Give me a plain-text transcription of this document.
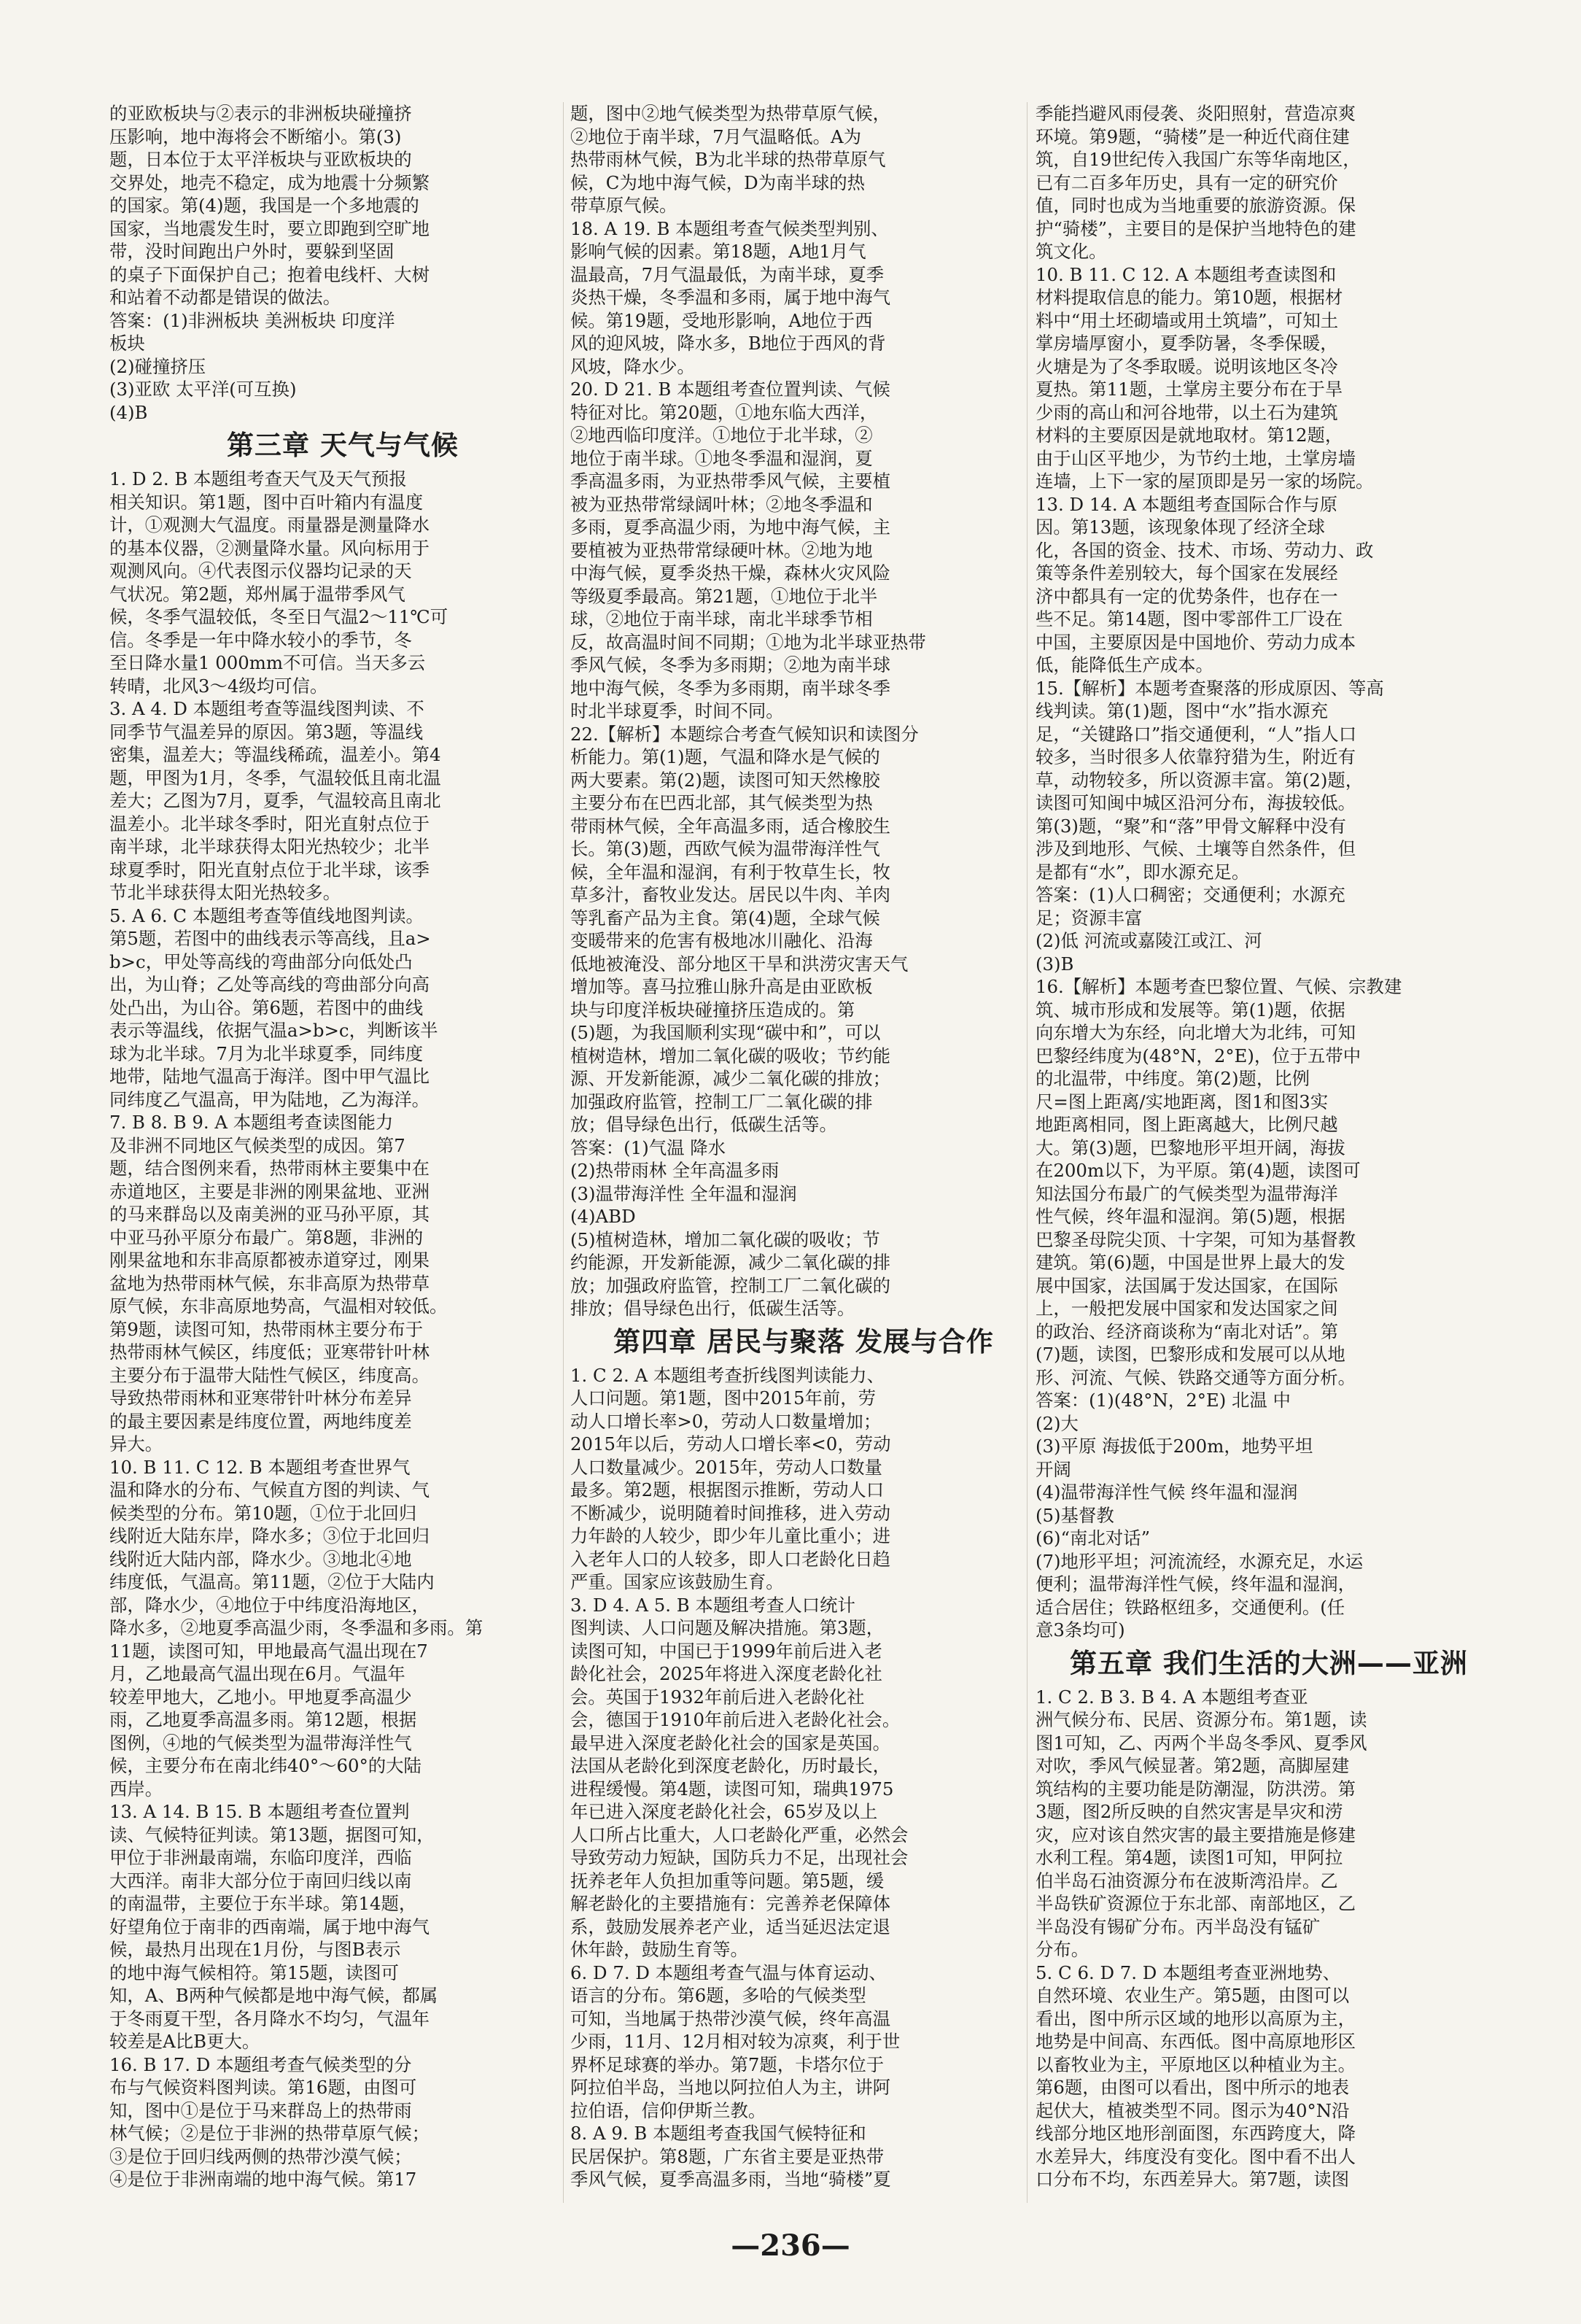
的亚欧板块与②表示的非洲板块碰撞挤
压影响，地中海将会不断缩小。第(3)
题，日本位于太平洋板块与亚欧板块的
交界处，地壳不稳定，成为地震十分频繁
的国家。第(4)题，我国是一个多地震的
国家，当地震发生时，要立即跑到空旷地
带，没时间跑出户外时，要躲到坚固
的桌子下面保护自己；抱着电线杆、大树
和站着不动都是错误的做法。
答案：(1)非洲板块 美洲板块 印度洋
板块
(2)碰撞挤压
(3)亚欧 太平洋(可互换)
(4)B
第三章 天气与气候
1. D 2. B 本题组考查天气及天气预报
相关知识。第1题，图中百叶箱内有温度
计，①观测大气温度。雨量器是测量降水
的基本仪器，②测量降水量。风向标用于
观测风向。④代表图示仪器均记录的天
气状况。第2题，郑州属于温带季风气
候，冬季气温较低，冬至日气温2～11℃可
信。冬季是一年中降水较小的季节，冬
至日降水量1 000mm不可信。当天多云
转晴，北风3～4级均可信。
3. A 4. D 本题组考查等温线图判读、不
同季节气温差异的原因。第3题，等温线
密集，温差大；等温线稀疏，温差小。第4
题，甲图为1月，冬季，气温较低且南北温
差大；乙图为7月，夏季，气温较高且南北
温差小。北半球冬季时，阳光直射点位于
南半球，北半球获得太阳光热较少；北半
球夏季时，阳光直射点位于北半球，该季
节北半球获得太阳光热较多。
5. A 6. C 本题组考查等值线地图判读。
第5题，若图中的曲线表示等高线，且a>
b>c，甲处等高线的弯曲部分向低处凸
出，为山脊；乙处等高线的弯曲部分向高
处凸出，为山谷。第6题，若图中的曲线
表示等温线，依据气温a>b>c，判断该半
球为北半球。7月为北半球夏季，同纬度
地带，陆地气温高于海洋。图中甲气温比
同纬度乙气温高，甲为陆地，乙为海洋。
7. B 8. B 9. A 本题组考查读图能力
及非洲不同地区气候类型的成因。第7
题，结合图例来看，热带雨林主要集中在
赤道地区，主要是非洲的刚果盆地、亚洲
的马来群岛以及南美洲的亚马孙平原，其
中亚马孙平原分布最广。第8题，非洲的
刚果盆地和东非高原都被赤道穿过，刚果
盆地为热带雨林气候，东非高原为热带草
原气候，东非高原地势高，气温相对较低。
第9题，读图可知，热带雨林主要分布于
热带雨林气候区，纬度低；亚寒带针叶林
主要分布于温带大陆性气候区，纬度高。
导致热带雨林和亚寒带针叶林分布差异
的最主要因素是纬度位置，两地纬度差
异大。
10. B 11. C 12. B 本题组考查世界气
温和降水的分布、气候直方图的判读、气
候类型的分布。第10题，①位于北回归
线附近大陆东岸，降水多；③位于北回归
线附近大陆内部，降水少。③地北④地
纬度低，气温高。第11题，②位于大陆内
部，降水少，④地位于中纬度沿海地区，
降水多，②地夏季高温少雨，冬季温和多雨。第
11题，读图可知，甲地最高气温出现在7
月，乙地最高气温出现在6月。气温年
较差甲地大，乙地小。甲地夏季高温少
雨，乙地夏季高温多雨。第12题，根据
图例，④地的气候类型为温带海洋性气
候，主要分布在南北纬40°～60°的大陆
西岸。
13. A 14. B 15. B 本题组考查位置判
读、气候特征判读。第13题，据图可知，
甲位于非洲最南端，东临印度洋，西临
大西洋。南非大部分位于南回归线以南
的南温带，主要位于东半球。第14题，
好望角位于南非的西南端，属于地中海气
候，最热月出现在1月份，与图B表示
的地中海气候相符。第15题，读图可
知，A、B两种气候都是地中海气候，都属
于冬雨夏干型，各月降水不均匀，气温年
较差是A比B更大。
16. B 17. D 本题组考查气候类型的分
布与气候资料图判读。第16题，由图可
知，图中①是位于马来群岛上的热带雨
林气候；②是位于非洲的热带草原气候；
③是位于回归线两侧的热带沙漠气候；
④是位于非洲南端的地中海气候。第17
题，图中②地气候类型为热带草原气候，
②地位于南半球，7月气温略低。A为
热带雨林气候，B为北半球的热带草原气
候，C为地中海气候，D为南半球的热
带草原气候。
18. A 19. B 本题组考查气候类型判别、
影响气候的因素。第18题，A地1月气
温最高，7月气温最低，为南半球，夏季
炎热干燥，冬季温和多雨，属于地中海气
候。第19题，受地形影响，A地位于西
风的迎风坡，降水多，B地位于西风的背
风坡，降水少。
20. D 21. B 本题组考查位置判读、气候
特征对比。第20题，①地东临大西洋，
②地西临印度洋。①地位于北半球，②
地位于南半球。①地冬季温和湿润，夏
季高温多雨，为亚热带季风气候，主要植
被为亚热带常绿阔叶林；②地冬季温和
多雨，夏季高温少雨，为地中海气候，主
要植被为亚热带常绿硬叶林。②地为地
中海气候，夏季炎热干燥，森林火灾风险
等级夏季最高。第21题，①地位于北半
球，②地位于南半球，南北半球季节相
反，故高温时间不同期；①地为北半球亚热带
季风气候，冬季为多雨期；②地为南半球
地中海气候，冬季为多雨期，南半球冬季
时北半球夏季，时间不同。
22.【解析】本题综合考查气候知识和读图分
析能力。第(1)题，气温和降水是气候的
两大要素。第(2)题，读图可知天然橡胶
主要分布在巴西北部，其气候类型为热
带雨林气候，全年高温多雨，适合橡胶生
长。第(3)题，西欧气候为温带海洋性气
候，全年温和湿润，有利于牧草生长，牧
草多汁，畜牧业发达。居民以牛肉、羊肉
等乳畜产品为主食。第(4)题，全球气候
变暖带来的危害有极地冰川融化、沿海
低地被淹没、部分地区干旱和洪涝灾害天气
增加等。喜马拉雅山脉升高是由亚欧板
块与印度洋板块碰撞挤压造成的。第
(5)题，为我国顺利实现“碳中和”，可以
植树造林，增加二氧化碳的吸收；节约能
源、开发新能源，减少二氧化碳的排放；
加强政府监管，控制工厂二氧化碳的排
放；倡导绿色出行，低碳生活等。
答案：(1)气温 降水
(2)热带雨林 全年高温多雨
(3)温带海洋性 全年温和湿润
(4)ABD
(5)植树造林，增加二氧化碳的吸收；节
约能源，开发新能源，减少二氧化碳的排
放；加强政府监管，控制工厂二氧化碳的
排放；倡导绿色出行，低碳生活等。
第四章 居民与聚落 发展与合作
1. C 2. A 本题组考查折线图判读能力、
人口问题。第1题，图中2015年前，劳
动人口增长率>0，劳动人口数量增加；
2015年以后，劳动人口增长率<0，劳动
人口数量减少。2015年，劳动人口数量
最多。第2题，根据图示推断，劳动人口
不断减少，说明随着时间推移，进入劳动
力年龄的人较少，即少年儿童比重小；进
入老年人口的人较多，即人口老龄化日趋
严重。国家应该鼓励生育。
3. D 4. A 5. B 本题组考查人口统计
图判读、人口问题及解决措施。第3题，
读图可知，中国已于1999年前后进入老
龄化社会，2025年将进入深度老龄化社
会。英国于1932年前后进入老龄化社
会，德国于1910年前后进入老龄化社会。
最早进入深度老龄化社会的国家是英国。
法国从老龄化到深度老龄化，历时最长，
进程缓慢。第4题，读图可知，瑞典1975
年已进入深度老龄化社会，65岁及以上
人口所占比重大，人口老龄化严重，必然会
导致劳动力短缺，国防兵力不足，出现社会
抚养老年人负担加重等问题。第5题，缓
解老龄化的主要措施有：完善养老保障体
系，鼓励发展养老产业，适当延迟法定退
休年龄，鼓励生育等。
6. D 7. D 本题组考查气温与体育运动、
语言的分布。第6题，多哈的气候类型
可知，当地属于热带沙漠气候，终年高温
少雨，11月、12月相对较为凉爽，利于世
界杯足球赛的举办。第7题，卡塔尔位于
阿拉伯半岛，当地以阿拉伯人为主，讲阿
拉伯语，信仰伊斯兰教。
8. A 9. B 本题组考查我国气候特征和
民居保护。第8题，广东省主要是亚热带
季风气候，夏季高温多雨，当地“骑楼”夏
季能挡避风雨侵袭、炎阳照射，营造凉爽
环境。第9题，“骑楼”是一种近代商住建
筑，自19世纪传入我国广东等华南地区，
已有二百多年历史，具有一定的研究价
值，同时也成为当地重要的旅游资源。保
护“骑楼”，主要目的是保护当地特色的建
筑文化。
10. B 11. C 12. A 本题组考查读图和
材料提取信息的能力。第10题，根据材
料中“用土坯砌墙或用土筑墙”，可知土
掌房墙厚窗小，夏季防暑，冬季保暖，
火塘是为了冬季取暖。说明该地区冬冷
夏热。第11题，土掌房主要分布在于旱
少雨的高山和河谷地带，以土石为建筑
材料的主要原因是就地取材。第12题，
由于山区平地少，为节约土地，土掌房墙
连墙，上下一家的屋顶即是另一家的场院。
13. D 14. A 本题组考查国际合作与原
因。第13题，该现象体现了经济全球
化，各国的资金、技术、市场、劳动力、政
策等条件差别较大，每个国家在发展经
济中都具有一定的优势条件，也存在一
些不足。第14题，图中零部件工厂设在
中国，主要原因是中国地价、劳动力成本
低，能降低生产成本。
15.【解析】本题考查聚落的形成原因、等高
线判读。第(1)题，图中“水”指水源充
足，“关键路口”指交通便利，“人”指人口
较多，当时很多人依靠狩猎为生，附近有
草，动物较多，所以资源丰富。第(2)题，
读图可知闽中城区沿河分布，海拔较低。
第(3)题，“聚”和“落”甲骨文解释中没有
涉及到地形、气候、土壤等自然条件，但
是都有“水”，即水源充足。
答案：(1)人口稠密；交通便利；水源充
足；资源丰富
(2)低 河流或嘉陵江或江、河
(3)B
16.【解析】本题考查巴黎位置、气候、宗教建
筑、城市形成和发展等。第(1)题，依据
向东增大为东经，向北增大为北纬，可知
巴黎经纬度为(48°N，2°E)，位于五带中
的北温带，中纬度。第(2)题，比例
尺=图上距离/实地距离，图1和图3实
地距离相同，图上距离越大，比例尺越
大。第(3)题，巴黎地形平坦开阔，海拔
在200m以下，为平原。第(4)题，读图可
知法国分布最广的气候类型为温带海洋
性气候，终年温和湿润。第(5)题，根据
巴黎圣母院尖顶、十字架，可知为基督教
建筑。第(6)题，中国是世界上最大的发
展中国家，法国属于发达国家，在国际
上，一般把发展中国家和发达国家之间
的政治、经济商谈称为“南北对话”。第
(7)题，读图，巴黎形成和发展可以从地
形、河流、气候、铁路交通等方面分析。
答案：(1)(48°N，2°E) 北温 中
(2)大
(3)平原 海拔低于200m，地势平坦
开阔
(4)温带海洋性气候 终年温和湿润
(5)基督教
(6)“南北对话”
(7)地形平坦；河流流经，水源充足，水运
便利；温带海洋性气候，终年温和湿润，
适合居住；铁路枢纽多，交通便利。(任
意3条均可)
第五章 我们生活的大洲——亚洲
1. C 2. B 3. B 4. A 本题组考查亚
洲气候分布、民居、资源分布。第1题，读
图1可知，乙、丙两个半岛冬季风、夏季风
对吹，季风气候显著。第2题，高脚屋建
筑结构的主要功能是防潮湿，防洪涝。第
3题，图2所反映的自然灾害是旱灾和涝
灾，应对该自然灾害的最主要措施是修建
水利工程。第4题，读图1可知，甲阿拉
伯半岛石油资源分布在波斯湾沿岸。乙
半岛铁矿资源位于东北部、南部地区，乙
半岛没有锡矿分布。丙半岛没有锰矿
分布。
5. C 6. D 7. D 本题组考查亚洲地势、
自然环境、农业生产。第5题，由图可以
看出，图中所示区域的地形以高原为主，
地势是中间高、东西低。图中高原地形区
以畜牧业为主，平原地区以种植业为主。
第6题，由图可以看出，图中所示的地表
起伏大，植被类型不同。图示为40°N沿
线部分地区地形剖面图，东西跨度大，降
水差异大，纬度没有变化。图中看不出人
口分布不均，东西差异大。第7题，读图
—236—
